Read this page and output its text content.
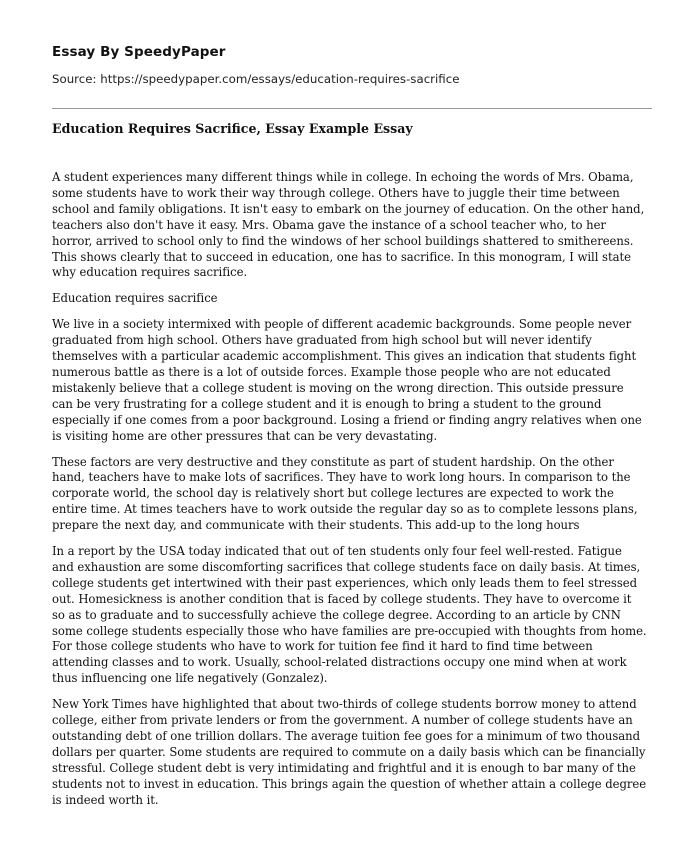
Essay By SpeedyPaper
Source: https://speedypaper.com/essays/education-requires-sacrifice
Education Requires Sacrifice, Essay Example Essay
A student experiences many different things while in college. In echoing the words of Mrs. Obama,
some students have to work their way through college. Others have to juggle their time between
school and family obligations. It isn't easy to embark on the journey of education. On the other hand,
teachers also don't have it easy. Mrs. Obama gave the instance of a school teacher who, to her
horror, arrived to school only to find the windows of her school buildings shattered to smithereens.
This shows clearly that to succeed in education, one has to sacrifice. In this monogram, I will state
why education requires sacrifice.
Education requires sacrifice
We live in a society intermixed with people of different academic backgrounds. Some people never
graduated from high school. Others have graduated from high school but will never identify
themselves with a particular academic accomplishment. This gives an indication that students fight
numerous battle as there is a lot of outside forces. Example those people who are not educated
mistakenly believe that a college student is moving on the wrong direction. This outside pressure
can be very frustrating for a college student and it is enough to bring a student to the ground
especially if one comes from a poor background. Losing a friend or finding angry relatives when one
is visiting home are other pressures that can be very devastating.
These factors are very destructive and they constitute as part of student hardship. On the other
hand, teachers have to make lots of sacrifices. They have to work long hours. In comparison to the
corporate world, the school day is relatively short but college lectures are expected to work the
entire time. At times teachers have to work outside the regular day so as to complete lessons plans,
prepare the next day, and communicate with their students. This add-up to the long hours
In a report by the USA today indicated that out of ten students only four feel well-rested. Fatigue
and exhaustion are some discomforting sacrifices that college students face on daily basis. At times,
college students get intertwined with their past experiences, which only leads them to feel stressed
out. Homesickness is another condition that is faced by college students. They have to overcome it
so as to graduate and to successfully achieve the college degree. According to an article by CNN
some college students especially those who have families are pre-occupied with thoughts from home.
For those college students who have to work for tuition fee find it hard to find time between
attending classes and to work. Usually, school-related distractions occupy one mind when at work
thus influencing one life negatively (Gonzalez).
New York Times have highlighted that about two-thirds of college students borrow money to attend
college, either from private lenders or from the government. A number of college students have an
outstanding debt of one trillion dollars. The average tuition fee goes for a minimum of two thousand
dollars per quarter. Some students are required to commute on a daily basis which can be financially
stressful. College student debt is very intimidating and frightful and it is enough to bar many of the
students not to invest in education. This brings again the question of whether attain a college degree
is indeed worth it.
